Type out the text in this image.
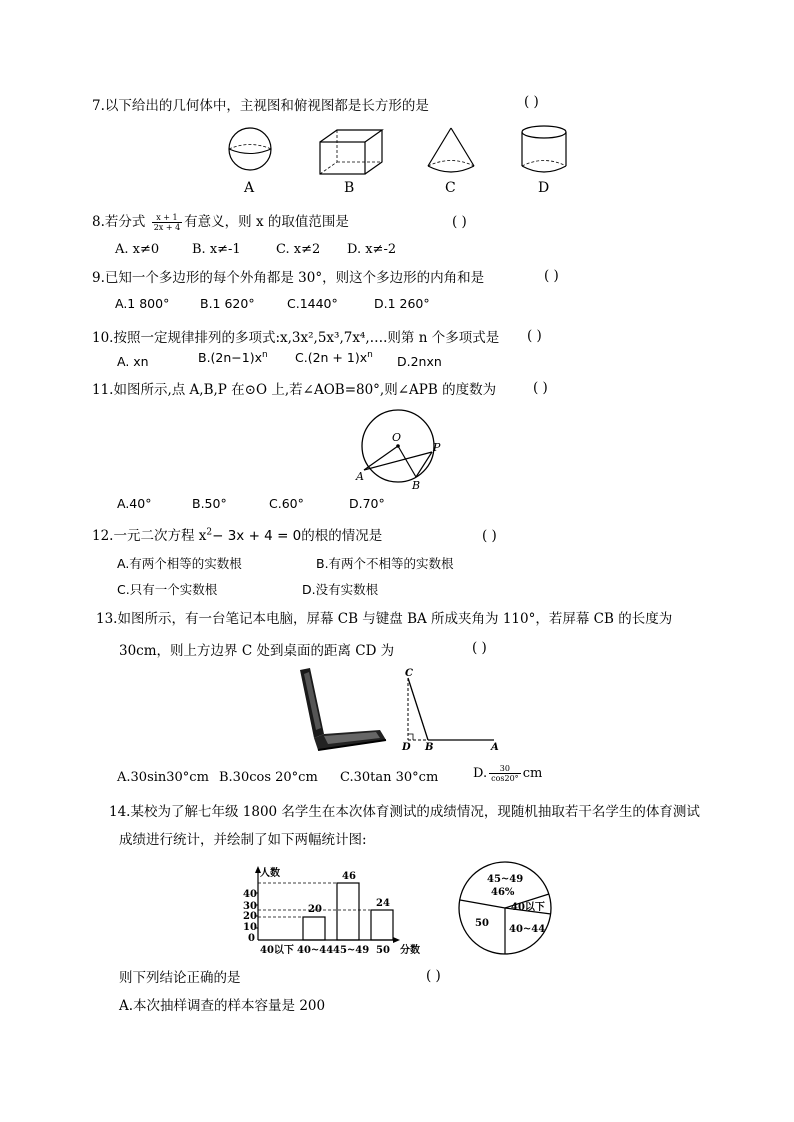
7.以下给出的几何体中，主视图和俯视图都是长方形的是	( )
A	B	C	D
8.若分式 $\frac{x + 1}{2x + 4}$ 有意义，则 x 的取值范围是	( )
A. x≠0	B. x≠-1	C. x≠2 D. x≠-2
9.已知一个多边形的每个外角都是 30°，则这个多边形的内角和是	( )
A.1 800° B.1 620°	C.1440°	D.1 260°
10.按照一定规律排列的多项式:x,3x²,5x³,7x⁴,….则第 n 个多项式是 ( )
A. xn	$B.(2n-1)x^n$ $C.(2n + 1)x^n$ D.2nxn
11.如图所示,点 A,B,P 在⊙O 上,若∠AOB=80°,则∠APB 的度数为	( )
O
P
A
B
A.40°	B.50°	C.60°	D.70°
12.一元二次方程 $x^2- 3x + 4 = 0$的根的情况是	( )
A.有两个相等的实数根	B.有两个不相等的实数根
C.只有一个实数根	D.没有实数根
13.如图所示，有一台笔记本电脑，屏幕 CB 与键盘 BA 所成夹角为 110°，若屏幕 CB 的长度为
30cm，则上方边界 C 处到桌面的距离 CD 为	( )
C
D B	A
A.30sin30°cm B.30cos 20°cm C.30tan 30°cm	D. $\frac{30}{\cos 20^\circ}$ cm
14.某校为了解七年级 1800 名学生在本次体育测试的成绩情况，现随机抽取若干名学生的体育测试
成绩进行统计，并绘制了如下两幅统计图:
人数
40
30
20
10
0
20
46
24
40以下 40~44 45~49 50 分数
45~49
46%
40以下
50
40~44
则下列结论正确的是	( )
A.本次抽样调查的样本容量是 200
